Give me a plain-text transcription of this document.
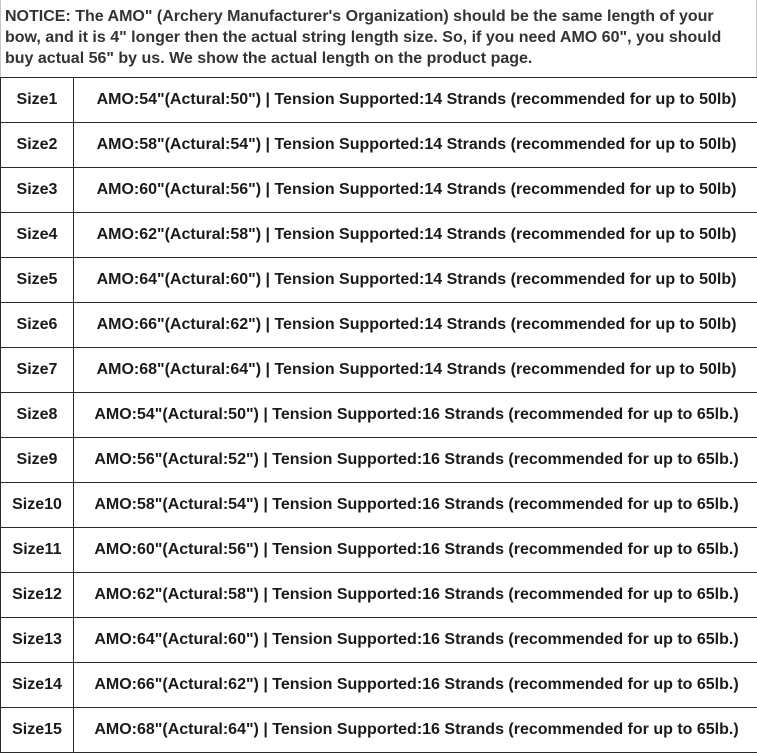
NOTICE: The AMO" (Archery Manufacturer's Organization) should be the same length of your bow, and it is 4" longer then the actual string length size. So, if you need AMO 60", you should buy actual 56" by us. We show the actual length on the product page.
Size1	AMO:54"(Actural:50") | Tension Supported:14 Strands (recommended for up to 50lb)
Size2	AMO:58"(Actural:54") | Tension Supported:14 Strands (recommended for up to 50lb)
Size3	AMO:60"(Actural:56") | Tension Supported:14 Strands (recommended for up to 50lb)
Size4	AMO:62"(Actural:58") | Tension Supported:14 Strands (recommended for up to 50lb)
Size5	AMO:64"(Actural:60") | Tension Supported:14 Strands (recommended for up to 50lb)
Size6	AMO:66"(Actural:62") | Tension Supported:14 Strands (recommended for up to 50lb)
Size7	AMO:68"(Actural:64") | Tension Supported:14 Strands (recommended for up to 50lb)
Size8	AMO:54"(Actural:50") | Tension Supported:16 Strands (recommended for up to 65lb.)
Size9	AMO:56"(Actural:52") | Tension Supported:16 Strands (recommended for up to 65lb.)
Size10	AMO:58"(Actural:54") | Tension Supported:16 Strands (recommended for up to 65lb.)
Size11	AMO:60"(Actural:56") | Tension Supported:16 Strands (recommended for up to 65lb.)
Size12	AMO:62"(Actural:58") | Tension Supported:16 Strands (recommended for up to 65lb.)
Size13	AMO:64"(Actural:60") | Tension Supported:16 Strands (recommended for up to 65lb.)
Size14	AMO:66"(Actural:62") | Tension Supported:16 Strands (recommended for up to 65lb.)
Size15	AMO:68"(Actural:64") | Tension Supported:16 Strands (recommended for up to 65lb.)
